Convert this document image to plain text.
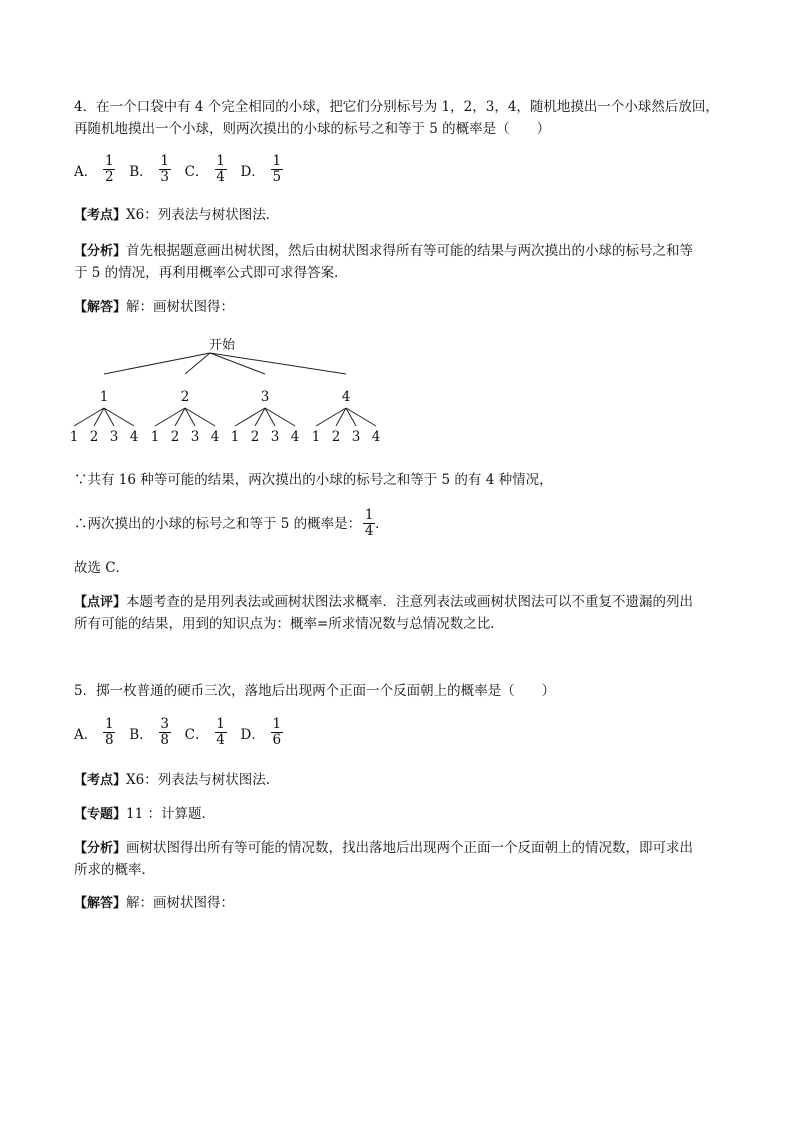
4．在一个口袋中有 4 个完全相同的小球，把它们分别标号为 1，2，3，4，随机地摸出一个小球然后放回，
再随机地摸出一个小球，则两次摸出的小球的标号之和等于 5 的概率是（　　）
A． $\frac{1}{2}$ B． $\frac{1}{3}$ C． $\frac{1}{4}$ D． $\frac{1}{5}$
【考点】X6：列表法与树状图法．
【分析】首先根据题意画出树状图，然后由树状图求得所有等可能的结果与两次摸出的小球的标号之和等
于 5 的情况，再利用概率公式即可求得答案．
【解答】解：画树状图得：
开始
1
1 2 3 4
2
1 2 3 4
3
1 2 3 4
4
1 2 3 4
∵共有 16 种等可能的结果，两次摸出的小球的标号之和等于 5 的有 4 种情况，
∴两次摸出的小球的标号之和等于 5 的概率是： $\frac{1}{4}$ ．
故选 C．
【点评】本题考查的是用列表法或画树状图法求概率．注意列表法或画树状图法可以不重复不遗漏的列出
所有可能的结果，用到的知识点为：概率=所求情况数与总情况数之比．
5．掷一枚普通的硬币三次，落地后出现两个正面一个反面朝上的概率是（　　）
A． $\frac{1}{8}$ B． $\frac{3}{8}$ C． $\frac{1}{4}$ D． $\frac{1}{6}$
【考点】X6：列表法与树状图法．
【专题】11 ：计算题．
【分析】画树状图得出所有等可能的情况数，找出落地后出现两个正面一个反面朝上的情况数，即可求出
所求的概率．
【解答】解：画树状图得：
